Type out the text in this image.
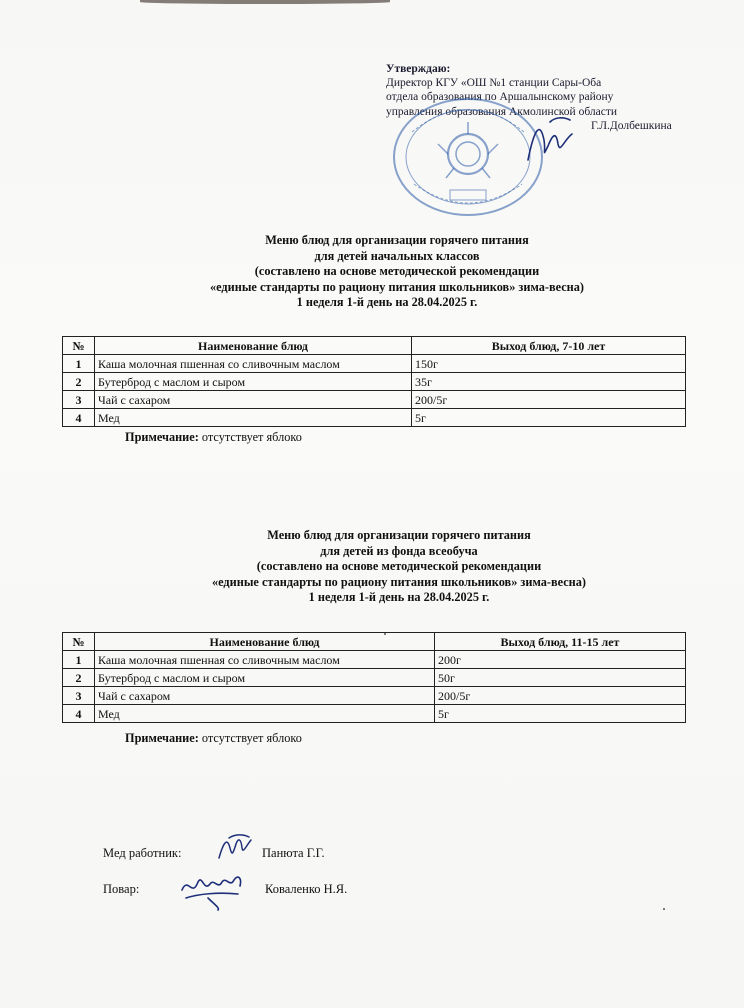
Утверждаю:
Директор КГУ «ОШ №1 станции Сары-Оба
отдела образования по Аршалынскому району
управления образования Акмолинской области
Г.Л.Долбешкина
Меню блюд для организации горячего питания
для детей начальных классов
(составлено на основе методической рекомендации
«единые стандарты по рациону питания школьников» зима-весна)
1 неделя 1-й день на 28.04.2025 г.
№	Наименование блюд	Выход блюд, 7-10 лет
1	Каша молочная пшенная со сливочным маслом	150г
2	Бутерброд с маслом и сыром	35г
3	Чай с сахаром	200/5г
4	Мед	5г
Примечание: отсутствует яблоко
Меню блюд для организации горячего питания
для детей из фонда всеобуча
(составлено на основе методической рекомендации
«единые стандарты по рациону питания школьников» зима-весна)
1 неделя 1-й день на 28.04.2025 г.
№	Наименование блюд	Выход блюд, 11-15 лет
1	Каша молочная пшенная со сливочным маслом	200г
2	Бутерброд с маслом и сыром	50г
3	Чай с сахаром	200/5г
4	Мед	5г
Примечание: отсутствует яблоко
Мед работник:	Панюта Г.Г.
Повар:	Коваленко Н.Я.
